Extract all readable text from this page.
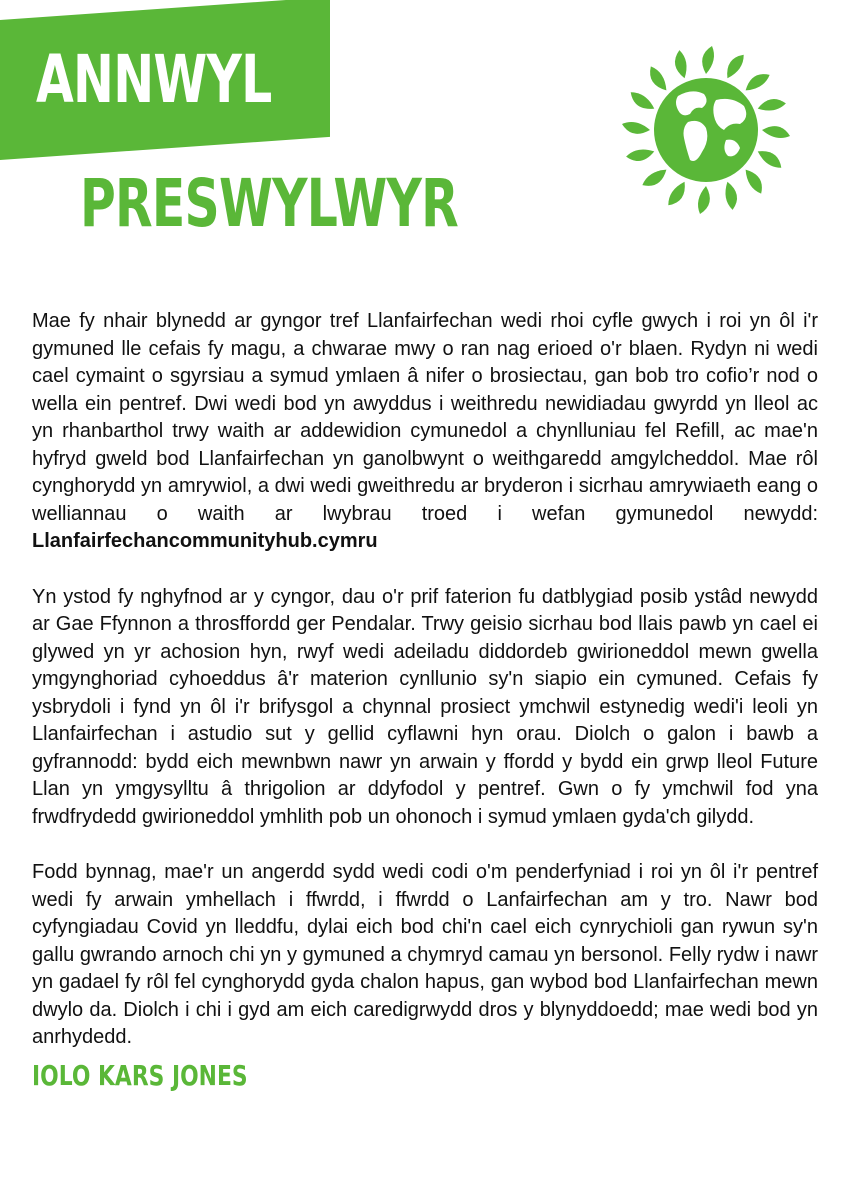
ANNWYL
PRESWYLWYR

Mae fy nhair blynedd ar gyngor tref Llanfairfechan wedi rhoi cyfle gwych i roi yn ôl i'r gymuned lle cefais fy magu, a chwarae mwy o ran nag erioed o'r blaen. Rydyn ni wedi cael cymaint o sgyrsiau a symud ymlaen â nifer o brosiectau, gan bob tro cofio’r nod o wella ein pentref. Dwi wedi bod yn awyddus i weithredu newidiadau gwyrdd yn lleol ac yn rhanbarthol trwy waith ar addewidion cymunedol a chynlluniau fel Refill, ac mae'n hyfryd gweld bod Llanfairfechan yn ganolbwynt o weithgaredd amgylcheddol. Mae rôl cynghorydd yn amrywiol, a dwi wedi gweithredu ar bryderon i sicrhau amrywiaeth eang o welliannau o waith ar lwybrau troed i wefan gymunedol newydd: Llanfairfechancommunityhub.cymru

Yn ystod fy nghyfnod ar y cyngor, dau o'r prif faterion fu datblygiad posib ystâd newydd ar Gae Ffynnon a throsffordd ger Pendalar. Trwy geisio sicrhau bod llais pawb yn cael ei glywed yn yr achosion hyn, rwyf wedi adeiladu diddordeb gwirioneddol mewn gwella ymgynghoriad cyhoeddus â'r materion cynllunio sy'n siapio ein cymuned. Cefais fy ysbrydoli i fynd yn ôl i'r brifysgol a chynnal prosiect ymchwil estynedig wedi'i leoli yn Llanfairfechan i astudio sut y gellid cyflawni hyn orau. Diolch o galon i bawb a gyfrannodd: bydd eich mewnbwn nawr yn arwain y ffordd y bydd ein grwp lleol Future Llan yn ymgysylltu â thrigolion ar ddyfodol y pentref. Gwn o fy ymchwil fod yna frwdfrydedd gwirioneddol ymhlith pob un ohonoch i symud ymlaen gyda'ch gilydd.

Fodd bynnag, mae'r un angerdd sydd wedi codi o'm penderfyniad i roi yn ôl i'r pentref wedi fy arwain ymhellach i ffwrdd, i ffwrdd o Lanfairfechan am y tro. Nawr bod cyfyngiadau Covid yn lleddfu, dylai eich bod chi'n cael eich cynrychioli gan rywun sy'n gallu gwrando arnoch chi yn y gymuned a chymryd camau yn bersonol. Felly rydw i nawr yn gadael fy rôl fel cynghorydd gyda chalon hapus, gan wybod bod Llanfairfechan mewn dwylo da. Diolch i chi i gyd am eich caredigrwydd dros y blynyddoedd; mae wedi bod yn anrhydedd.

IOLO KARS JONES
